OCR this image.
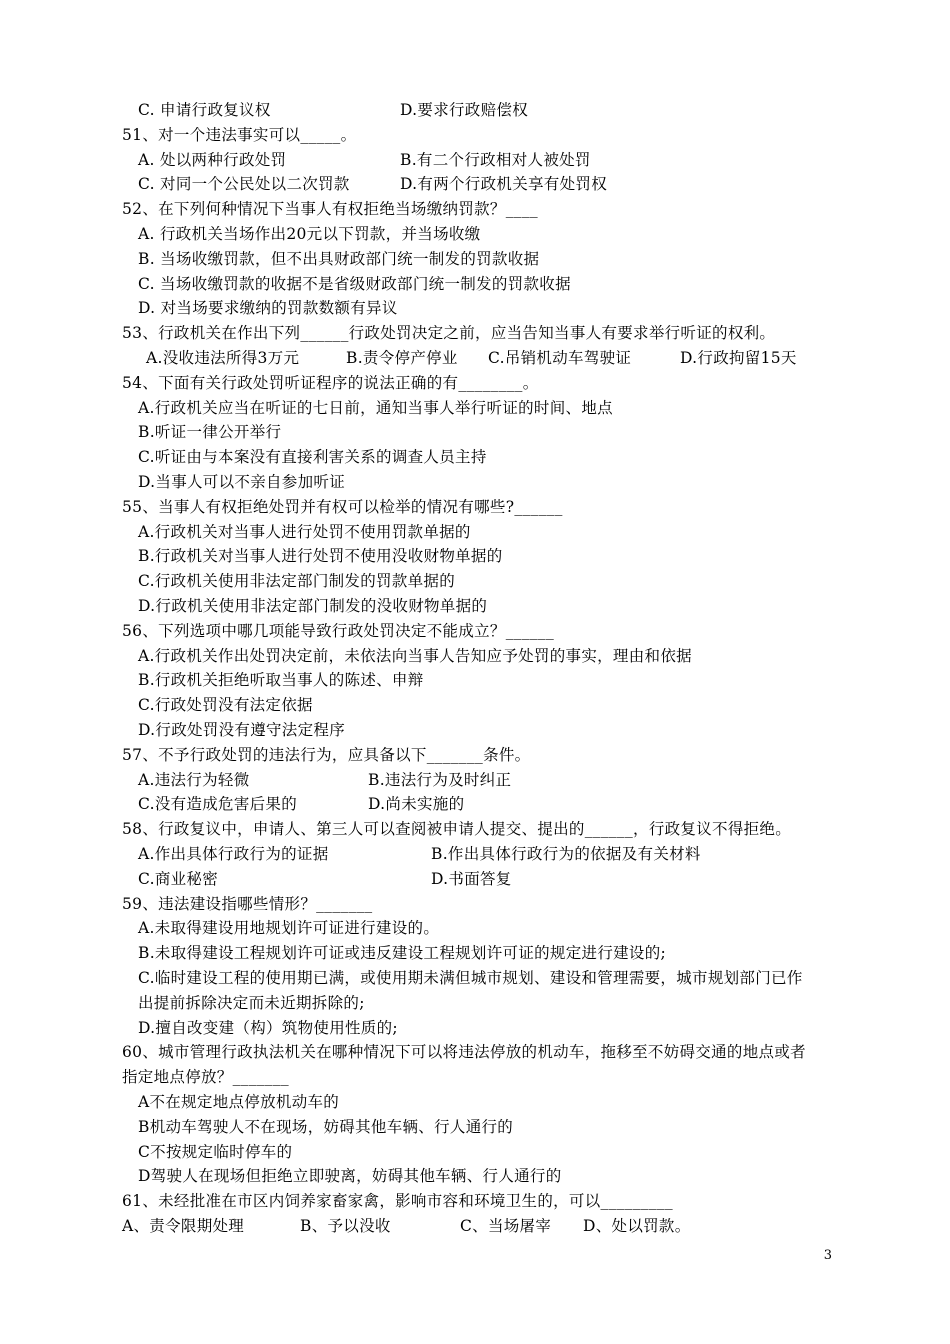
C. 申请行政复议权	D.要求行政赔偿权
51、对一个违法事实可以_____。
A. 处以两种行政处罚	B.有二个行政相对人被处罚
C. 对同一个公民处以二次罚款	D.有两个行政机关享有处罚权
52、在下列何种情况下当事人有权拒绝当场缴纳罚款？____
A. 行政机关当场作出20元以下罚款，并当场收缴
B. 当场收缴罚款，但不出具财政部门统一制发的罚款收据
C. 当场收缴罚款的收据不是省级财政部门统一制发的罚款收据
D. 对当场要求缴纳的罚款数额有异议
53、行政机关在作出下列______行政处罚决定之前，应当告知当事人有要求举行听证的权利。
A.没收违法所得3万元	B.责令停产停业 C.吊销机动车驾驶证	D.行政拘留15天
54、下面有关行政处罚听证程序的说法正确的有________。
A.行政机关应当在听证的七日前，通知当事人举行听证的时间、地点
B.听证一律公开举行
C.听证由与本案没有直接利害关系的调查人员主持
D.当事人可以不亲自参加听证
55、当事人有权拒绝处罚并有权可以检举的情况有哪些?______
A.行政机关对当事人进行处罚不使用罚款单据的
B.行政机关对当事人进行处罚不使用没收财物单据的
C.行政机关使用非法定部门制发的罚款单据的
D.行政机关使用非法定部门制发的没收财物单据的
56、下列选项中哪几项能导致行政处罚决定不能成立？______
A.行政机关作出处罚决定前，未依法向当事人告知应予处罚的事实，理由和依据
B.行政机关拒绝听取当事人的陈述、申辩
C.行政处罚没有法定依据
D.行政处罚没有遵守法定程序
57、不予行政处罚的违法行为，应具备以下_______条件。
A.违法行为轻微	B.违法行为及时纠正
C.没有造成危害后果的	D.尚未实施的
58、行政复议中，申请人、第三人可以查阅被申请人提交、提出的______，行政复议不得拒绝。
A.作出具体行政行为的证据	B.作出具体行政行为的依据及有关材料
C.商业秘密	D.书面答复
59、违法建设指哪些情形？_______
A.未取得建设用地规划许可证进行建设的。
B.未取得建设工程规划许可证或违反建设工程规划许可证的规定进行建设的;
C.临时建设工程的使用期已满，或使用期未满但城市规划、建设和管理需要，城市规划部门已作
出提前拆除决定而未近期拆除的;
D.擅自改变建（构）筑物使用性质的;
60、城市管理行政执法机关在哪种情况下可以将违法停放的机动车，拖移至不妨碍交通的地点或者
指定地点停放？_______
A不在规定地点停放机动车的
B机动车驾驶人不在现场，妨碍其他车辆、行人通行的
C不按规定临时停车的
D驾驶人在现场但拒绝立即驶离，妨碍其他车辆、行人通行的
61、未经批准在市区内饲养家畜家禽，影响市容和环境卫生的，可以_________
A、责令限期处理	B、予以没收	C、当场屠宰 D、处以罚款。
3
